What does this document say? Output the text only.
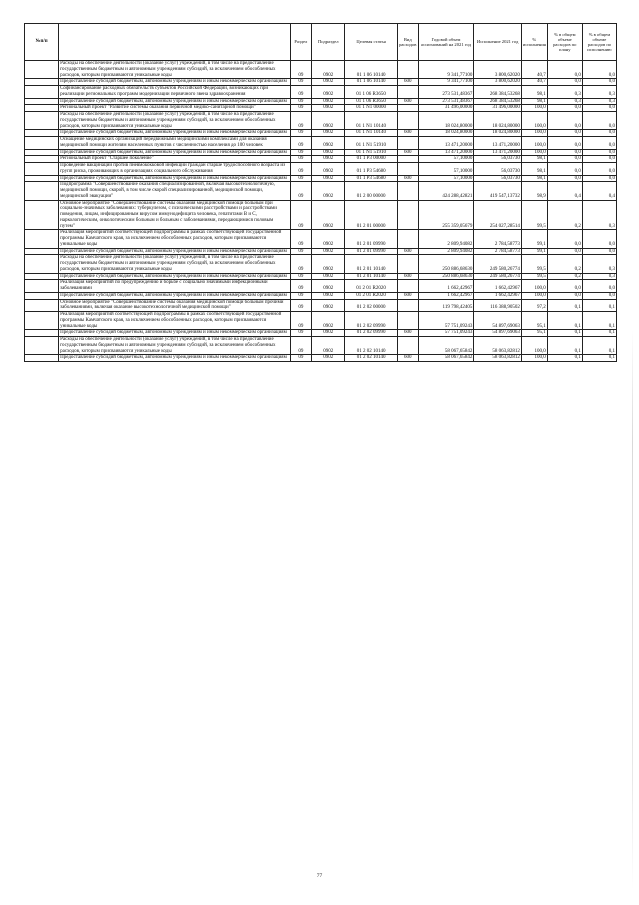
№п/п		Раздел	Подраздел	Целевая статья	Вид расходов	Годовой объем ассигнований на 2021 год	Исполнение 2021 год	% исполнения	% в общем объеме расходов по плану	% в общем объеме расходов по исполнению
	Расходы на обеспечение деятельности (оказание услуг) учреждений, в том числе на предоставление государственным бюджетным и автономным учреждениям субсидий, за исключением обособленных расходов, которым присваиваются уникальные коды	09	0902	01 1 06 10140		9 341,77100	3 800,62020	40,7	0,0	0,0
	Предоставление субсидий бюджетным, автономным учреждениям и иным некоммерческим организациям	09	0902	01 1 06 10140	600	9 341,77100	3 800,62020	40,7	0,0	0,0
	Софинансирование расходных обязательств субъектов Российской Федерации, возникающих при реализации региональных программ модернизации первичного звена здравоохранения	09	0902	01 1 06 R3650		273 531,48367	268 384,53268	98,1	0,3	0,3
	Предоставление субсидий бюджетным, автономным учреждениям и иным некоммерческим организациям	09	0902	01 1 06 R3650	600	273 531,48367	268 384,53268	98,1	0,3	0,3
	Региональный проект "Развитие системы оказания первичной медико-санитарной помощи"	09	0902	01 1 N1 00000		31 496,00000	31 496,00000	100,0	0,0	0,0
	Расходы на обеспечение деятельности (оказание услуг) учреждений, в том числе на предоставление государственным бюджетным и автономным учреждениям субсидий, за исключением обособленных расходов, которым присваиваются уникальные коды	09	0902	01 1 N1 10140		18 024,80000	18 024,80000	100,0	0,0	0,0
	Предоставление субсидий бюджетным, автономным учреждениям и иным некоммерческим организациям	09	0902	01 1 N1 10140	600	18 024,80000	18 024,80000	100,0	0,0	0,0
	Оснащение медицинских организаций передвижными медицинскими комплексами для оказания медицинской помощи жителям населенных пунктов с численностью населения до 100 человек	09	0902	01 1 N1 51910		13 471,20000	13 471,20000	100,0	0,0	0,0
	Предоставление субсидий бюджетным, автономным учреждениям и иным некоммерческим организациям	09	0902	01 1 N1 51910	600	13 471,20000	13 471,20000	100,0	0,0	0,0
	Региональный проект "Старшее поколение"	09	0902	01 1 P3 00000		57,10000	56,03730	98,1	0,0	0,0
	Проведение вакцинации против пневмококковой инфекции граждан старше трудоспособного возраста из групп риска, проживающих в организациях социального обслуживания	09	0902	01 1 P3 54680		57,10000	56,03730	98,1	0,0	0,0
	Предоставление субсидий бюджетным, автономным учреждениям и иным некоммерческим организациям	09	0902	01 1 P3 54680	600	57,10000	56,03730	98,1	0,0	0,0
	Подпрограмма "Совершенствование оказания специализированной, включая высокотехнологичную, медицинской помощи, скорой, в том числе скорой специализированной, медицинской помощи, медицинской эвакуации"	09	0902	01 2 00 00000		424 288,42821	419 547,13732	98,9	0,4	0,4
	Основное мероприятие "Совершенствование системы оказания медицинской помощи больным при социально-значимых заболеваниях: туберкулезом, с психическими расстройствами и расстройствами поведения, лицам, инфицированным вирусом иммунодефицита человека, гепатитами В и С, наркологическим, онкологическим больным и больным с заболеваниями, передающимися половым путем"	09	0902	01 2 01 00000		255 359,05679	254 027,28514	99,5	0,2	0,3
	Реализация мероприятий соответствующей подпрограммы в рамках соответствующей государственной программы Камчатского края, за исключением обособленных расходов, которым присваиваются уникальные коды	09	0902	01 2 01 09990		2 809,94082	2 784,58773	99,1	0,0	0,0
	Предоставление субсидий бюджетным, автономным учреждениям и иным некоммерческим организациям	09	0902	01 2 01 09990	600	2 809,94082	2 784,58773	99,1	0,0	0,0
	Расходы на обеспечение деятельности (оказание услуг) учреждений, в том числе на предоставление государственным бюджетным и автономным учреждениям субсидий, за исключением обособленных расходов, которым присваиваются уникальные коды	09	0902	01 2 01 10140		250 886,68630	249 580,26774	99,5	0,2	0,3
	Предоставление субсидий бюджетным, автономным учреждениям и иным некоммерческим организациям	09	0902	01 2 01 10140	600	250 886,68630	249 580,26774	99,5	0,2	0,3
	Реализация мероприятий по предупреждению и борьбе с социально значимыми инфекционными заболеваниями	09	0902	01 2 01 R2020		1 662,42967	1 662,42967	100,0	0,0	0,0
	Предоставление субсидий бюджетным, автономным учреждениям и иным некоммерческим организациям	09	0902	01 2 01 R2020	600	1 662,42967	1 662,42967	100,0	0,0	0,0
	Основное мероприятие "Совершенствование системы оказания медицинской помощи больным прочими заболеваниями, включая оказание высокотехнологичной медицинской помощи"	09	0902	01 2 02 00000		119 798,42405	116 388,90502	97,2	0,1	0,1
	Реализация мероприятий соответствующей подпрограммы в рамках соответствующей государственной программы Камчатского края, за исключением обособленных расходов, которым присваиваются уникальные коды	09	0902	01 2 02 09990		57 751,09243	54 897,69063	95,1	0,1	0,1
	Предоставление субсидий бюджетным, автономным учреждениям и иным некоммерческим организациям	09	0902	01 2 02 09990	600	57 751,09243	54 897,69063	95,1	0,1	0,1
	Расходы на обеспечение деятельности (оказание услуг) учреждений, в том числе на предоставление государственным бюджетным и автономным учреждениям субсидий, за исключением обособленных расходов, которым присваиваются уникальные коды	09	0902	01 2 02 10140		58 067,65842	58 063,82812	100,0	0,1	0,1
	Предоставление субсидий бюджетным, автономным учреждениям и иным некоммерческим организациям	09	0902	01 2 02 10140	600	58 067,65842	58 063,82812	100,0	0,1	0,1
77
